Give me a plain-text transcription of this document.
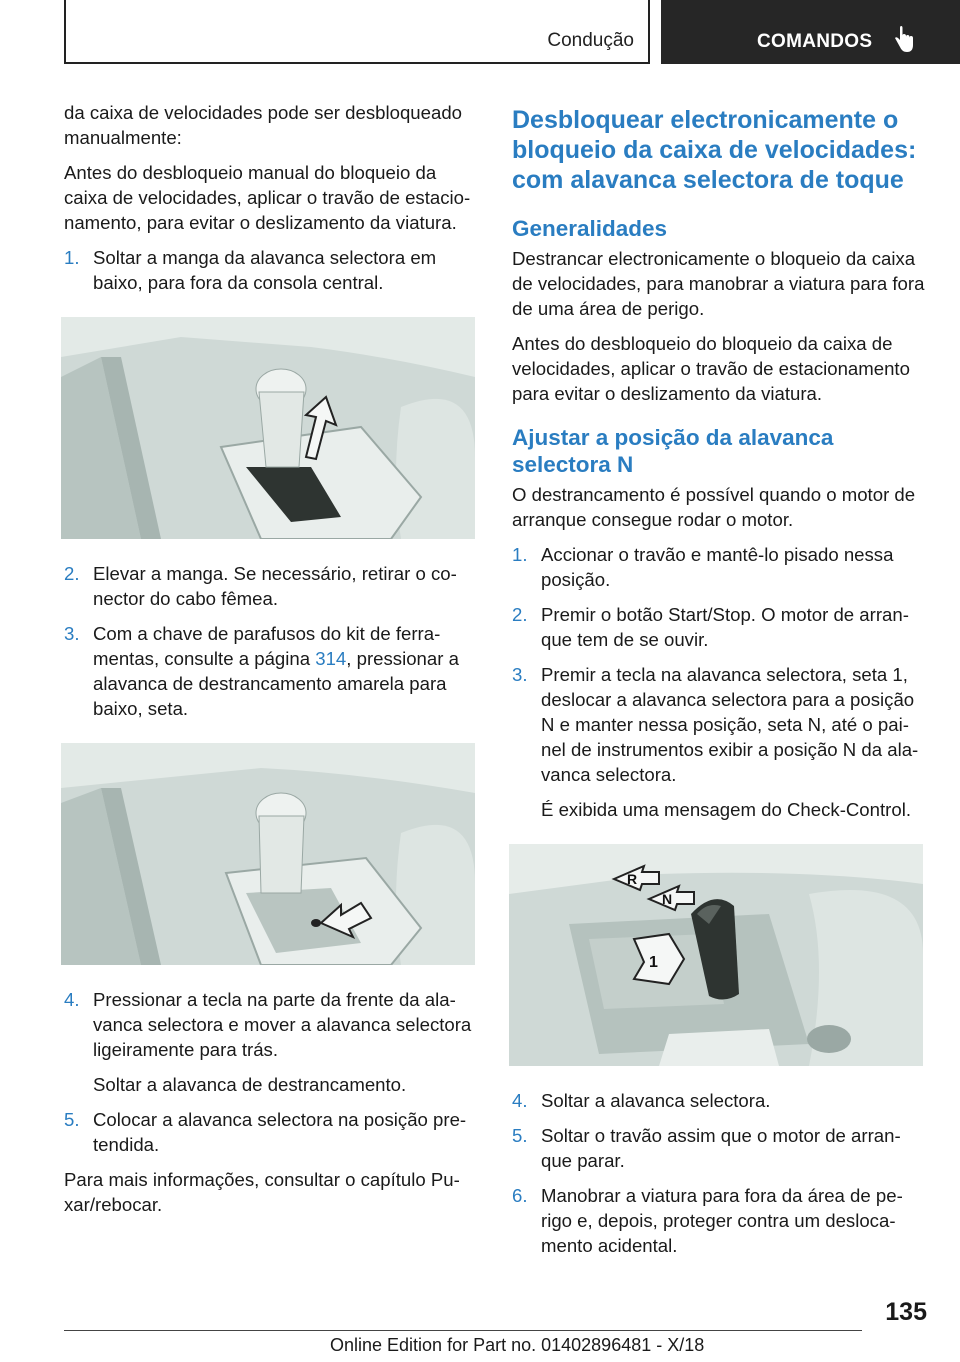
Condução	COMANDOS

da caixa de velocidades pode ser desbloqueado manualmente:

Antes do desbloqueio manual do bloqueio da caixa de velocidades, aplicar o travão de estacio-namento, para evitar o deslizamento da viatura.

1. Soltar a manga da alavanca selectora em baixo, para fora da consola central.
2. Elevar a manga. Se necessário, retirar o co-nector do cabo fêmea.
3. Com a chave de parafusos do kit de ferra-mentas, consulte a página 314, pressionar a alavanca de destrancamento amarela para baixo, seta.
4. Pressionar a tecla na parte da frente da ala-vanca selectora e mover a alavanca selectora ligeiramente para trás.

Soltar a alavanca de destrancamento.

5. Colocar a alavanca selectora na posição pre-tendida.

Para mais informações, consultar o capítulo Pu-xar/rebocar.

Desbloquear electronicamente o bloqueio da caixa de velocidades: com alavanca selectora de toque
Generalidades

Destrancar electronicamente o bloqueio da caixa de velocidades, para manobrar a viatura para fora de uma área de perigo.

Antes do desbloqueio do bloqueio da caixa de velocidades, aplicar o travão de estacionamento para evitar o deslizamento da viatura.

Ajustar a posição da alavanca selectora N

O destrancamento é possível quando o motor de arranque consegue rodar o motor.

1. Accionar o travão e mantê-lo pisado nessa posição.
2. Premir o botão Start/Stop. O motor de arran-que tem de se ouvir.
3. Premir a tecla na alavanca selectora, seta 1, deslocar a alavanca selectora para a posição N e manter nessa posição, seta N, até o pai-nel de instrumentos exibir a posição N da ala-vanca selectora.

É exibida uma mensagem do Check-Control.

R
N
1
4. Soltar a alavanca selectora.
5. Soltar o travão assim que o motor de arran-que parar.
6. Manobrar a viatura para fora da área de pe-rigo e, depois, proteger contra um desloca-mento acidental.
135
Online Edition for Part no. 01402896481 - X/18
